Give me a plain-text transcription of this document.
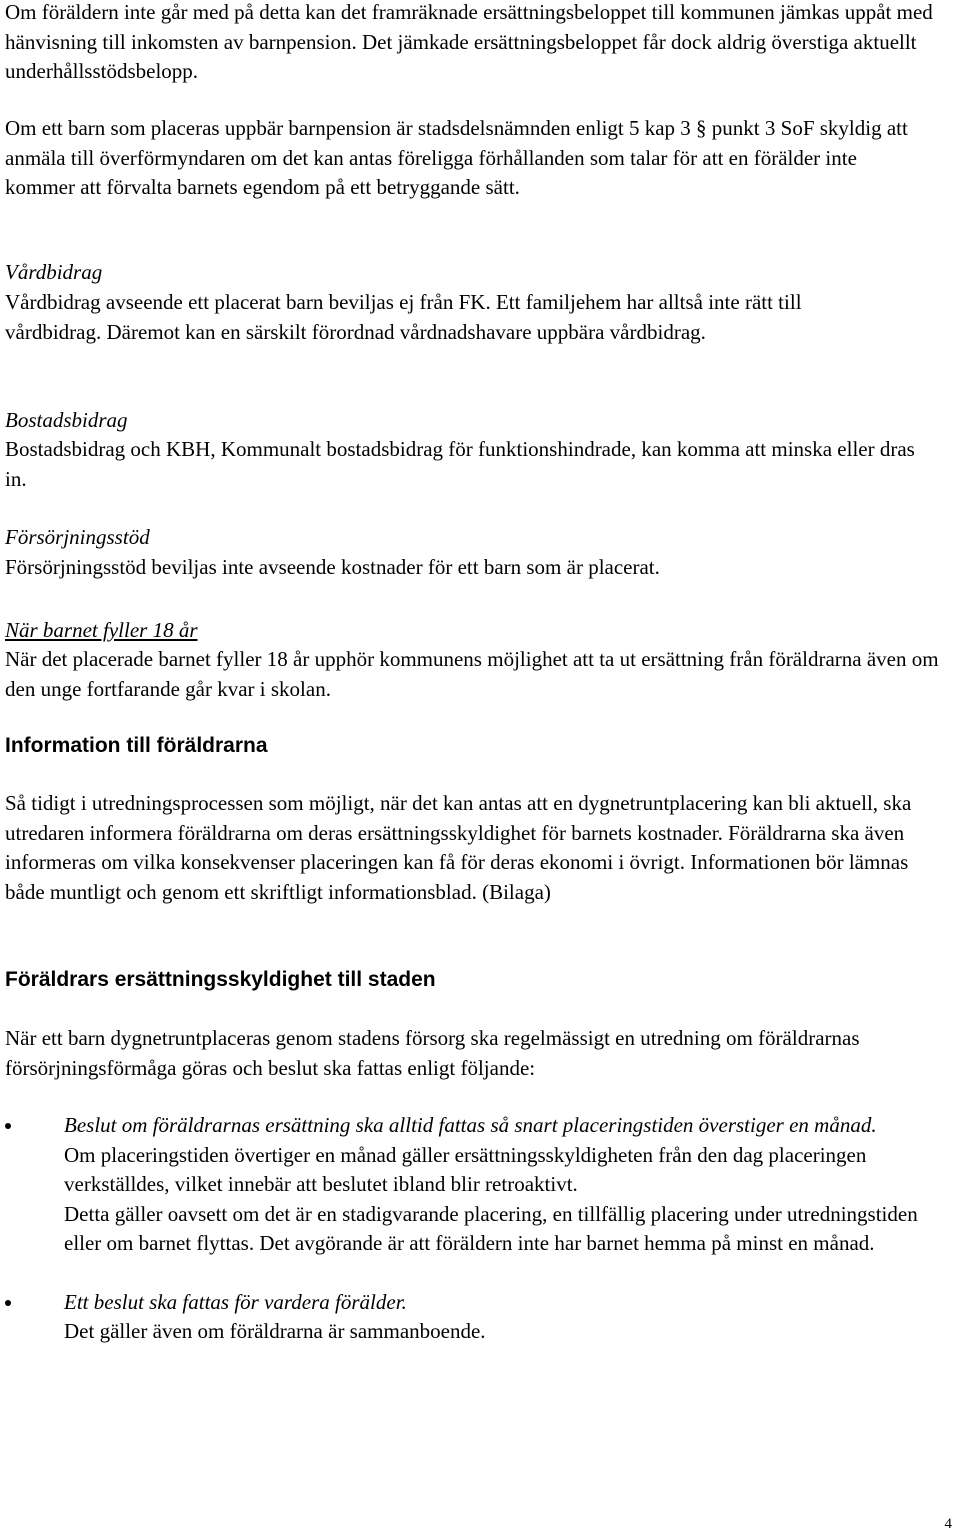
Om föräldern inte går med på detta kan det framräknade ersättningsbeloppet till kommunen jämkas uppåt med hänvisning till inkomsten av barnpension. Det jämkade ersättningsbeloppet får dock aldrig överstiga aktuellt underhållsstödsbelopp.

Om ett barn som placeras uppbär barnpension är stadsdelsnämnden enligt 5 kap 3 § punkt 3 SoF skyldig att anmäla till överförmyndaren om det kan antas föreligga förhållanden som talar för att en förälder inte kommer att förvalta barnets egendom på ett betryggande sätt.

Vårdbidrag

Vårdbidrag avseende ett placerat barn beviljas ej från FK. Ett familjehem har alltså inte rätt till vårdbidrag. Däremot kan en särskilt förordnad vårdnadshavare uppbära vårdbidrag.

Bostadsbidrag

Bostadsbidrag och KBH, Kommunalt bostadsbidrag för funktionshindrade, kan komma att minska eller dras in.

Försörjningsstöd

Försörjningsstöd beviljas inte avseende kostnader för ett barn som är placerat.

När barnet fyller 18 år

När det placerade barnet fyller 18 år upphör kommunens möjlighet att ta ut ersättning från föräldrarna även om den unge fortfarande går kvar i skolan.

Information till föräldrarna

Så tidigt i utredningsprocessen som möjligt, när det kan antas att en dygnetruntplacering kan bli aktuell, ska utredaren informera föräldrarna om deras ersättningsskyldighet för barnets kostnader. Föräldrarna ska även informeras om vilka konsekvenser placeringen kan få för deras ekonomi i övrigt. Informationen bör lämnas både muntligt och genom ett skriftligt informationsblad. (Bilaga)

Föräldrars ersättningsskyldighet till staden

När ett barn dygnetruntplaceras genom stadens försorg ska regelmässigt en utredning om föräldrarnas försörjningsförmåga göras och beslut ska fattas enligt följande:

Beslut om föräldrarnas ersättning ska alltid fattas så snart placeringstiden överstiger en månad.
Om placeringstiden övertiger en månad gäller ersättningsskyldigheten från den dag placeringen verkställdes, vilket innebär att beslutet ibland blir retroaktivt.
Detta gäller oavsett om det är en stadigvarande placering, en tillfällig placering under utredningstiden eller om barnet flyttas. Det avgörande är att föräldern inte har barnet hemma på minst en månad.
Ett beslut ska fattas för vardera förälder.
Det gäller även om föräldrarna är sammanboende.
4
